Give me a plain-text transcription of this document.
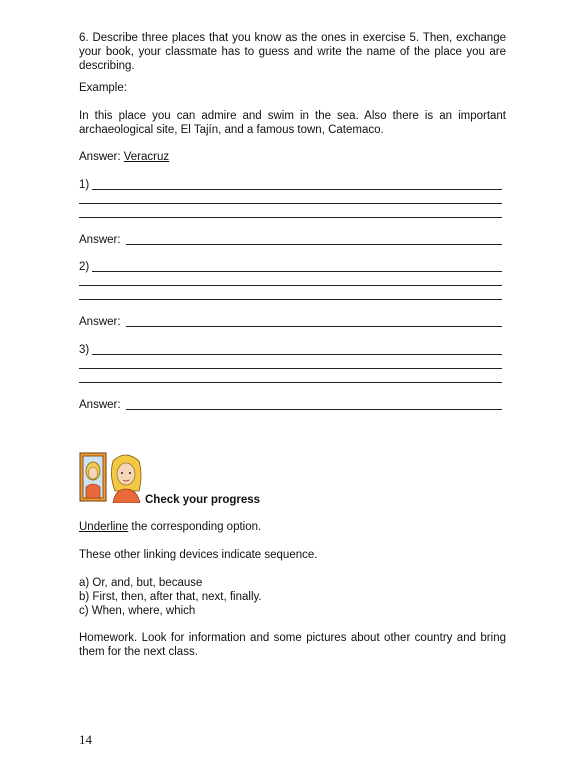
6. Describe three places that you know as the ones in exercise 5. Then, exchange your book, your classmate has to guess and write the name of the place you are describing.

Example:

In this place you can admire and swim in the sea. Also there is an important archaeological site, El Tajín, and a famous town, Catemaco.

Answer: Veracruz
1)
Answer:
2)
Answer:
3)
Answer:
Check your progress
Underline the corresponding option.
These other linking devices indicate sequence.
a) Or, and, but, because
b) First, then, after that, next, finally.
c) When, where, which

Homework. Look for information and some pictures about other country and bring them for the next class.

14
